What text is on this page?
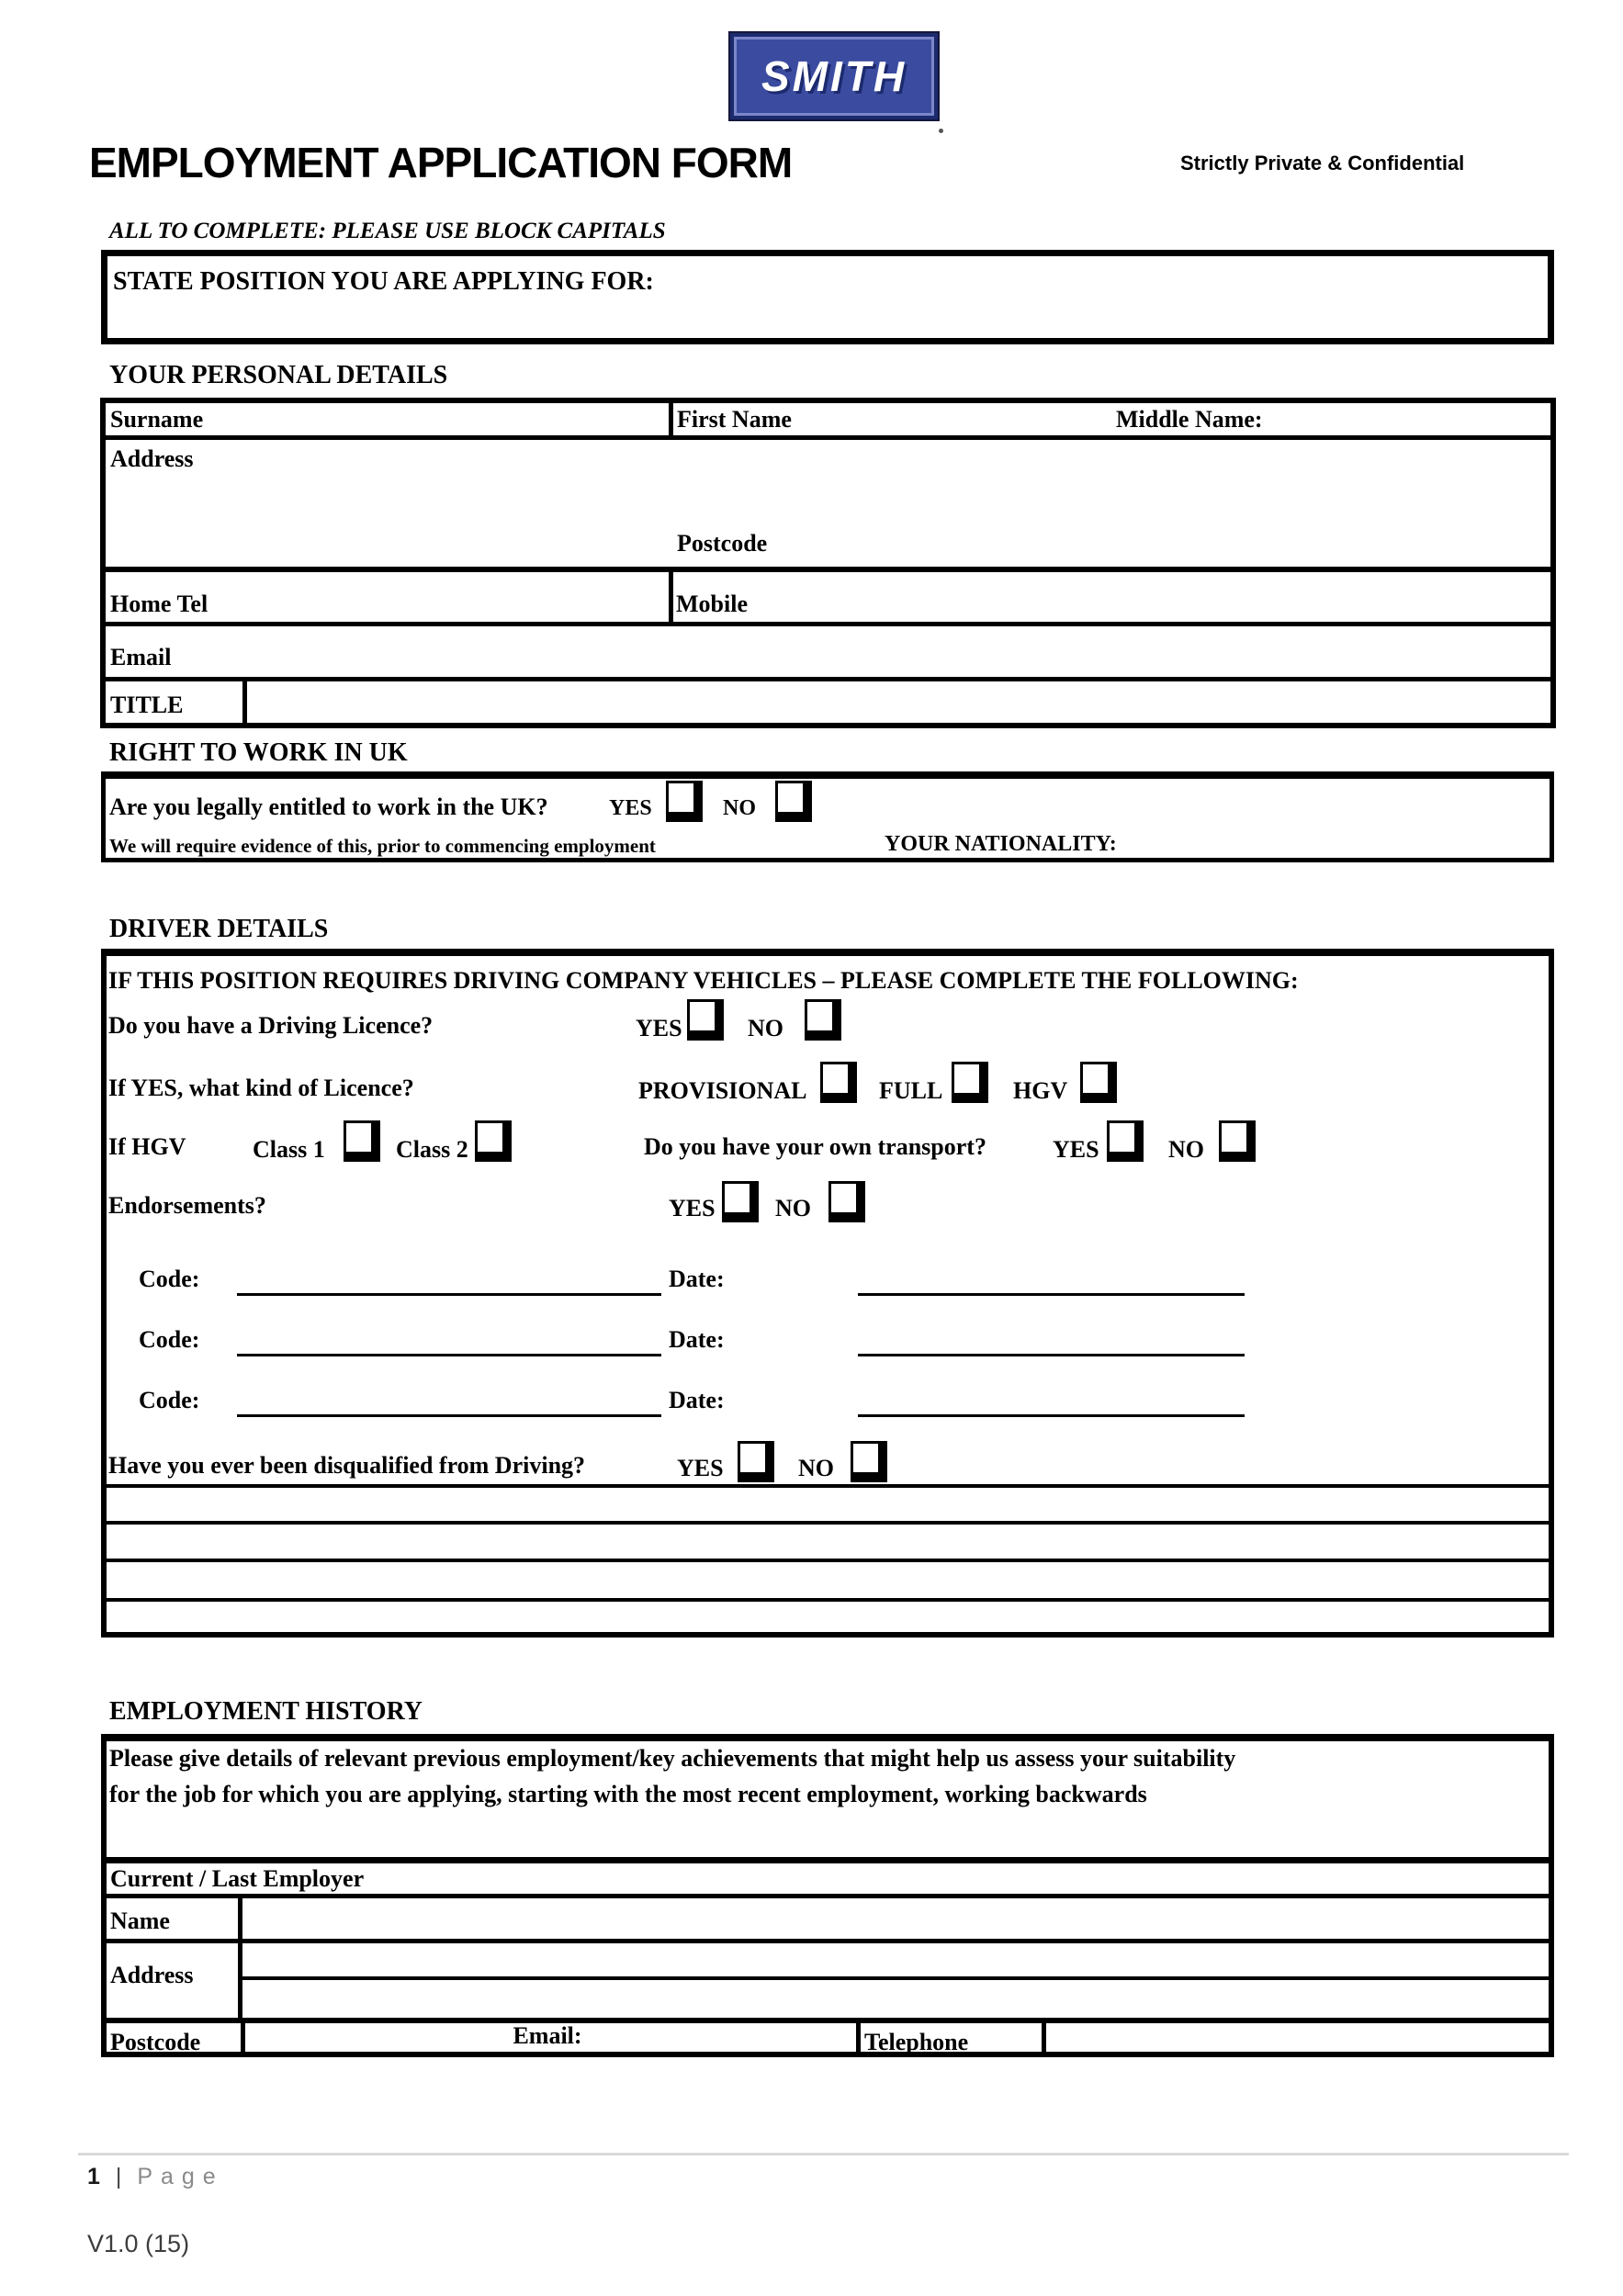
SMITH
EMPLOYMENT APPLICATION FORM	Strictly Private & Confidential
ALL TO COMPLETE: PLEASE USE BLOCK CAPITALS
STATE POSITION YOU ARE APPLYING FOR:
YOUR PERSONAL DETAILS
Surname	First Name	Middle Name:
Address
Postcode
Home Tel	Mobile
Email
TITLE
RIGHT TO WORK IN UK
Are you legally entitled to work in the UK?	YES	NO
We will require evidence of this, prior to commencing employment	YOUR NATIONALITY:
DRIVER DETAILS
IF THIS POSITION REQUIRES DRIVING COMPANY VEHICLES – PLEASE COMPLETE THE FOLLOWING:
Do you have a Driving Licence?	YES	NO
If YES, what kind of Licence?	PROVISIONAL	FULL	HGV
If HGV	Class 1	Class 2	Do you have your own transport?	YES	NO
Endorsements?	YES	NO
Code:	Date:
Code:	Date:
Code:	Date:
Have you ever been disqualified from Driving?	YES	NO
EMPLOYMENT HISTORY
Please give details of relevant previous employment/key achievements that might help us assess your suitability
for the job for which you are applying, starting with the most recent employment, working backwards
Current / Last Employer
Name
Address
Postcode	Email:	Telephone
1 | Page
V1.0 (15)
